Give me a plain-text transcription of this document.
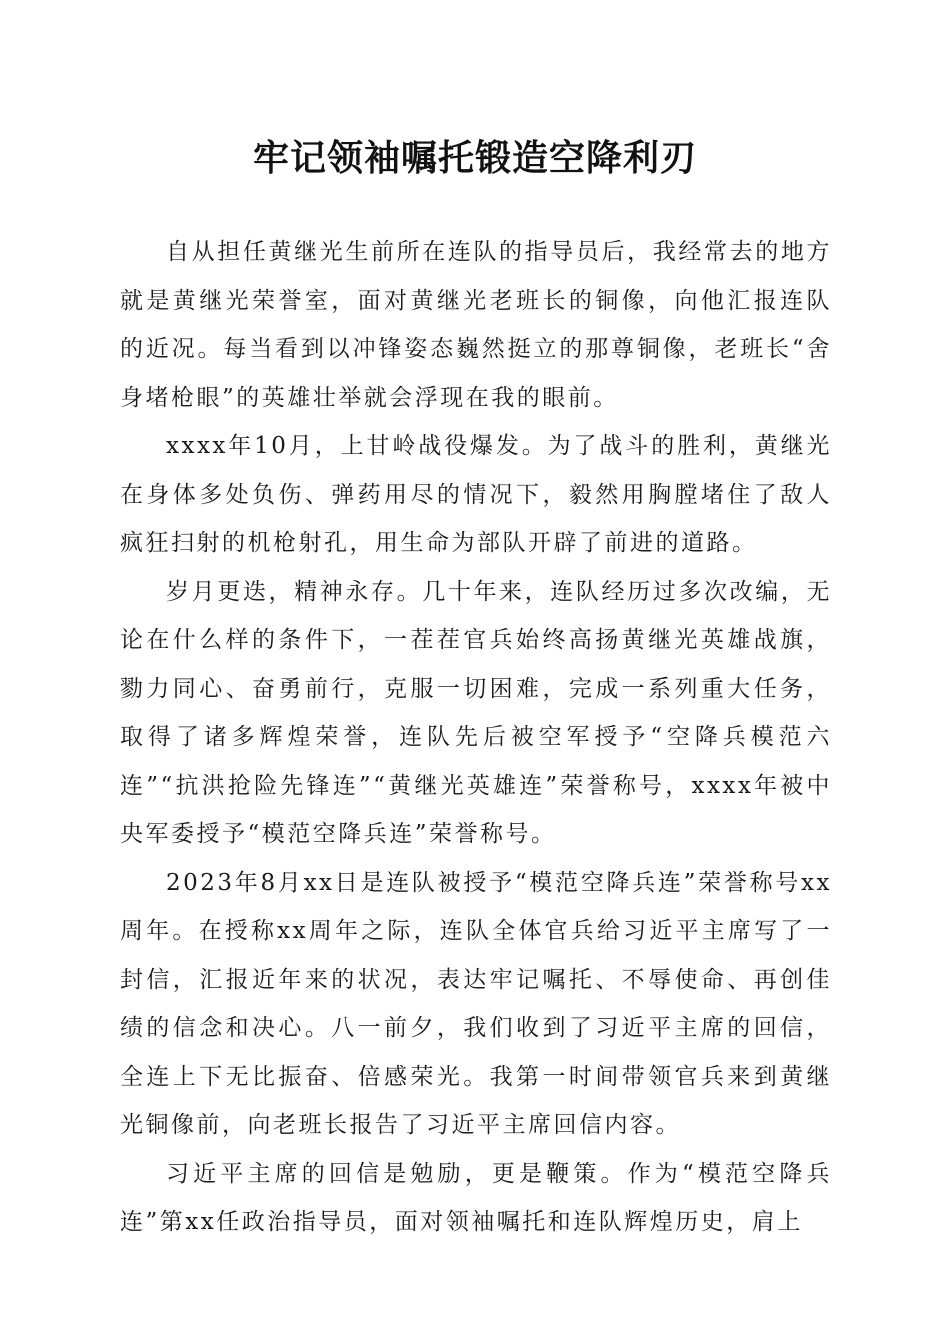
牢记领袖嘱托锻造空降利刃

自从担任黄继光生前所在连队的指导员后，我经常去的地方就是黄继光荣誉室，面对黄继光老班长的铜像，向他汇报连队的近况。每当看到以冲锋姿态巍然挺立的那尊铜像，老班长“舍身堵枪眼”的英雄壮举就会浮现在我的眼前。

xxxx年10月，上甘岭战役爆发。为了战斗的胜利，黄继光在身体多处负伤、弹药用尽的情况下，毅然用胸膛堵住了敌人疯狂扫射的机枪射孔，用生命为部队开辟了前进的道路。

岁月更迭，精神永存。几十年来，连队经历过多次改编，无论在什么样的条件下，一茬茬官兵始终高扬黄继光英雄战旗，勠力同心、奋勇前行，克服一切困难，完成一系列重大任务，取得了诸多辉煌荣誉，连队先后被空军授予“空降兵模范六连”“抗洪抢险先锋连”“黄继光英雄连”荣誉称号，xxxx年被中央军委授予“模范空降兵连”荣誉称号。

2023年8月xx日是连队被授予“模范空降兵连”荣誉称号xx周年。在授称xx周年之际，连队全体官兵给习近平主席写了一封信，汇报近年来的状况，表达牢记嘱托、不辱使命、再创佳绩的信念和决心。八一前夕，我们收到了习近平主席的回信，全连上下无比振奋、倍感荣光。我第一时间带领官兵来到黄继光铜像前，向老班长报告了习近平主席回信内容。

习近平主席的回信是勉励，更是鞭策。作为“模范空降兵连”第xx任政治指导员，面对领袖嘱托和连队辉煌历史，肩上
